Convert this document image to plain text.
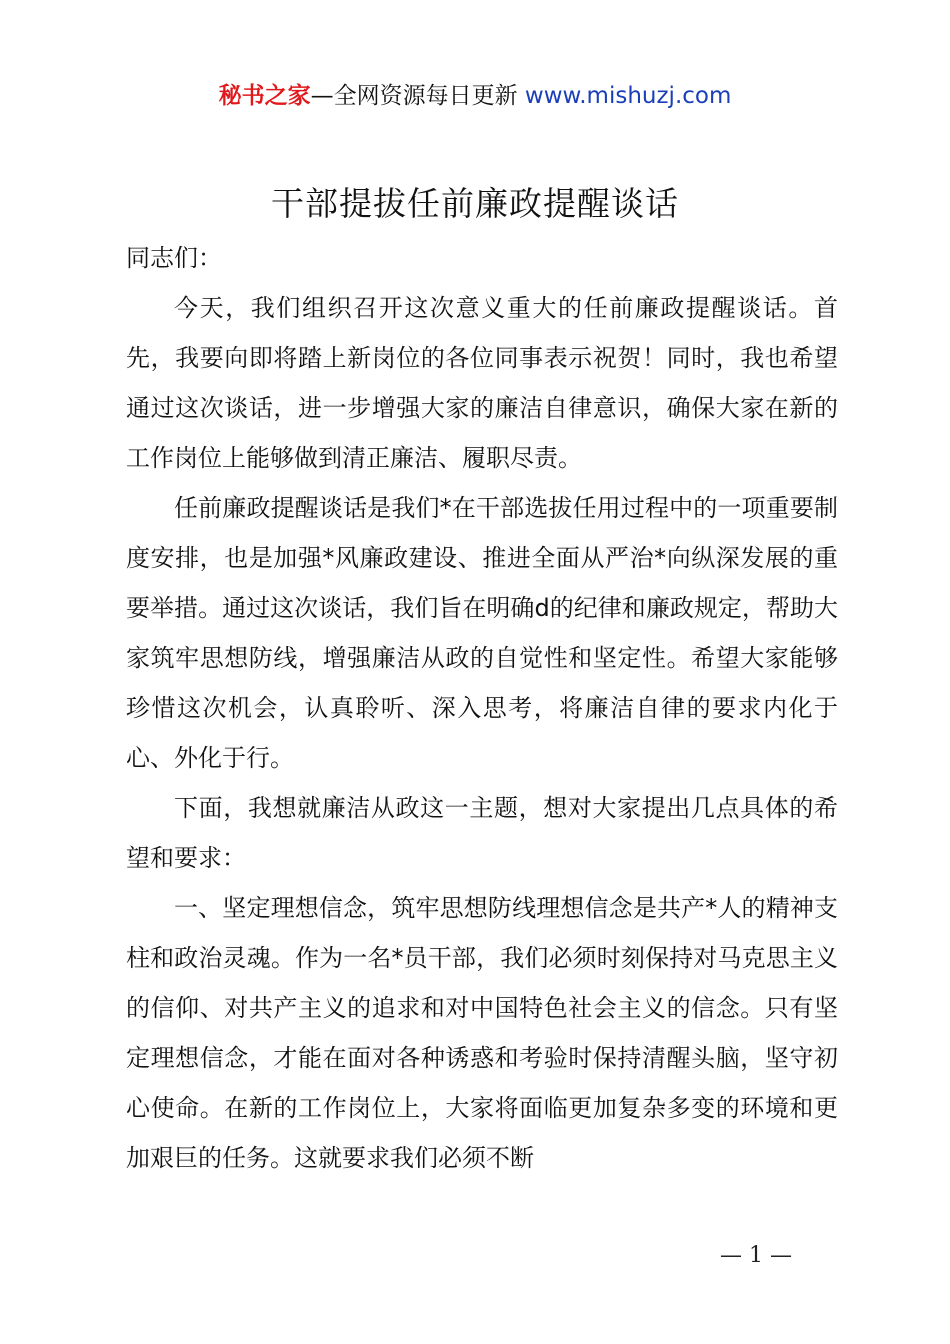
秘书之家—全网资源每日更新 www.mishuzj.com
干部提拔任前廉政提醒谈话

同志们：

今天，我们组织召开这次意义重大的任前廉政提醒谈话。首先，我要向即将踏上新岗位的各位同事表示祝贺！同时，我也希望通过这次谈话，进一步增强大家的廉洁自律意识，确保大家在新的工作岗位上能够做到清正廉洁、履职尽责。

任前廉政提醒谈话是我们*在干部选拔任用过程中的一项重要制度安排，也是加强*风廉政建设、推进全面从严治*向纵深发展的重要举措。通过这次谈话，我们旨在明确d的纪律和廉政规定，帮助大家筑牢思想防线，增强廉洁从政的自觉性和坚定性。希望大家能够珍惜这次机会，认真聆听、深入思考，将廉洁自律的要求内化于心、外化于行。

下面，我想就廉洁从政这一主题，想对大家提出几点具体的希望和要求：

一、坚定理想信念，筑牢思想防线理想信念是共产*人的精神支柱和政治灵魂。作为一名*员干部，我们必须时刻保持对马克思主义的信仰、对共产主义的追求和对中国特色社会主义的信念。只有坚定理想信念，才能在面对各种诱惑和考验时保持清醒头脑，坚守初心使命。在新的工作岗位上，大家将面临更加复杂多变的环境和更加艰巨的任务。这就要求我们必须不断

— 1 —
